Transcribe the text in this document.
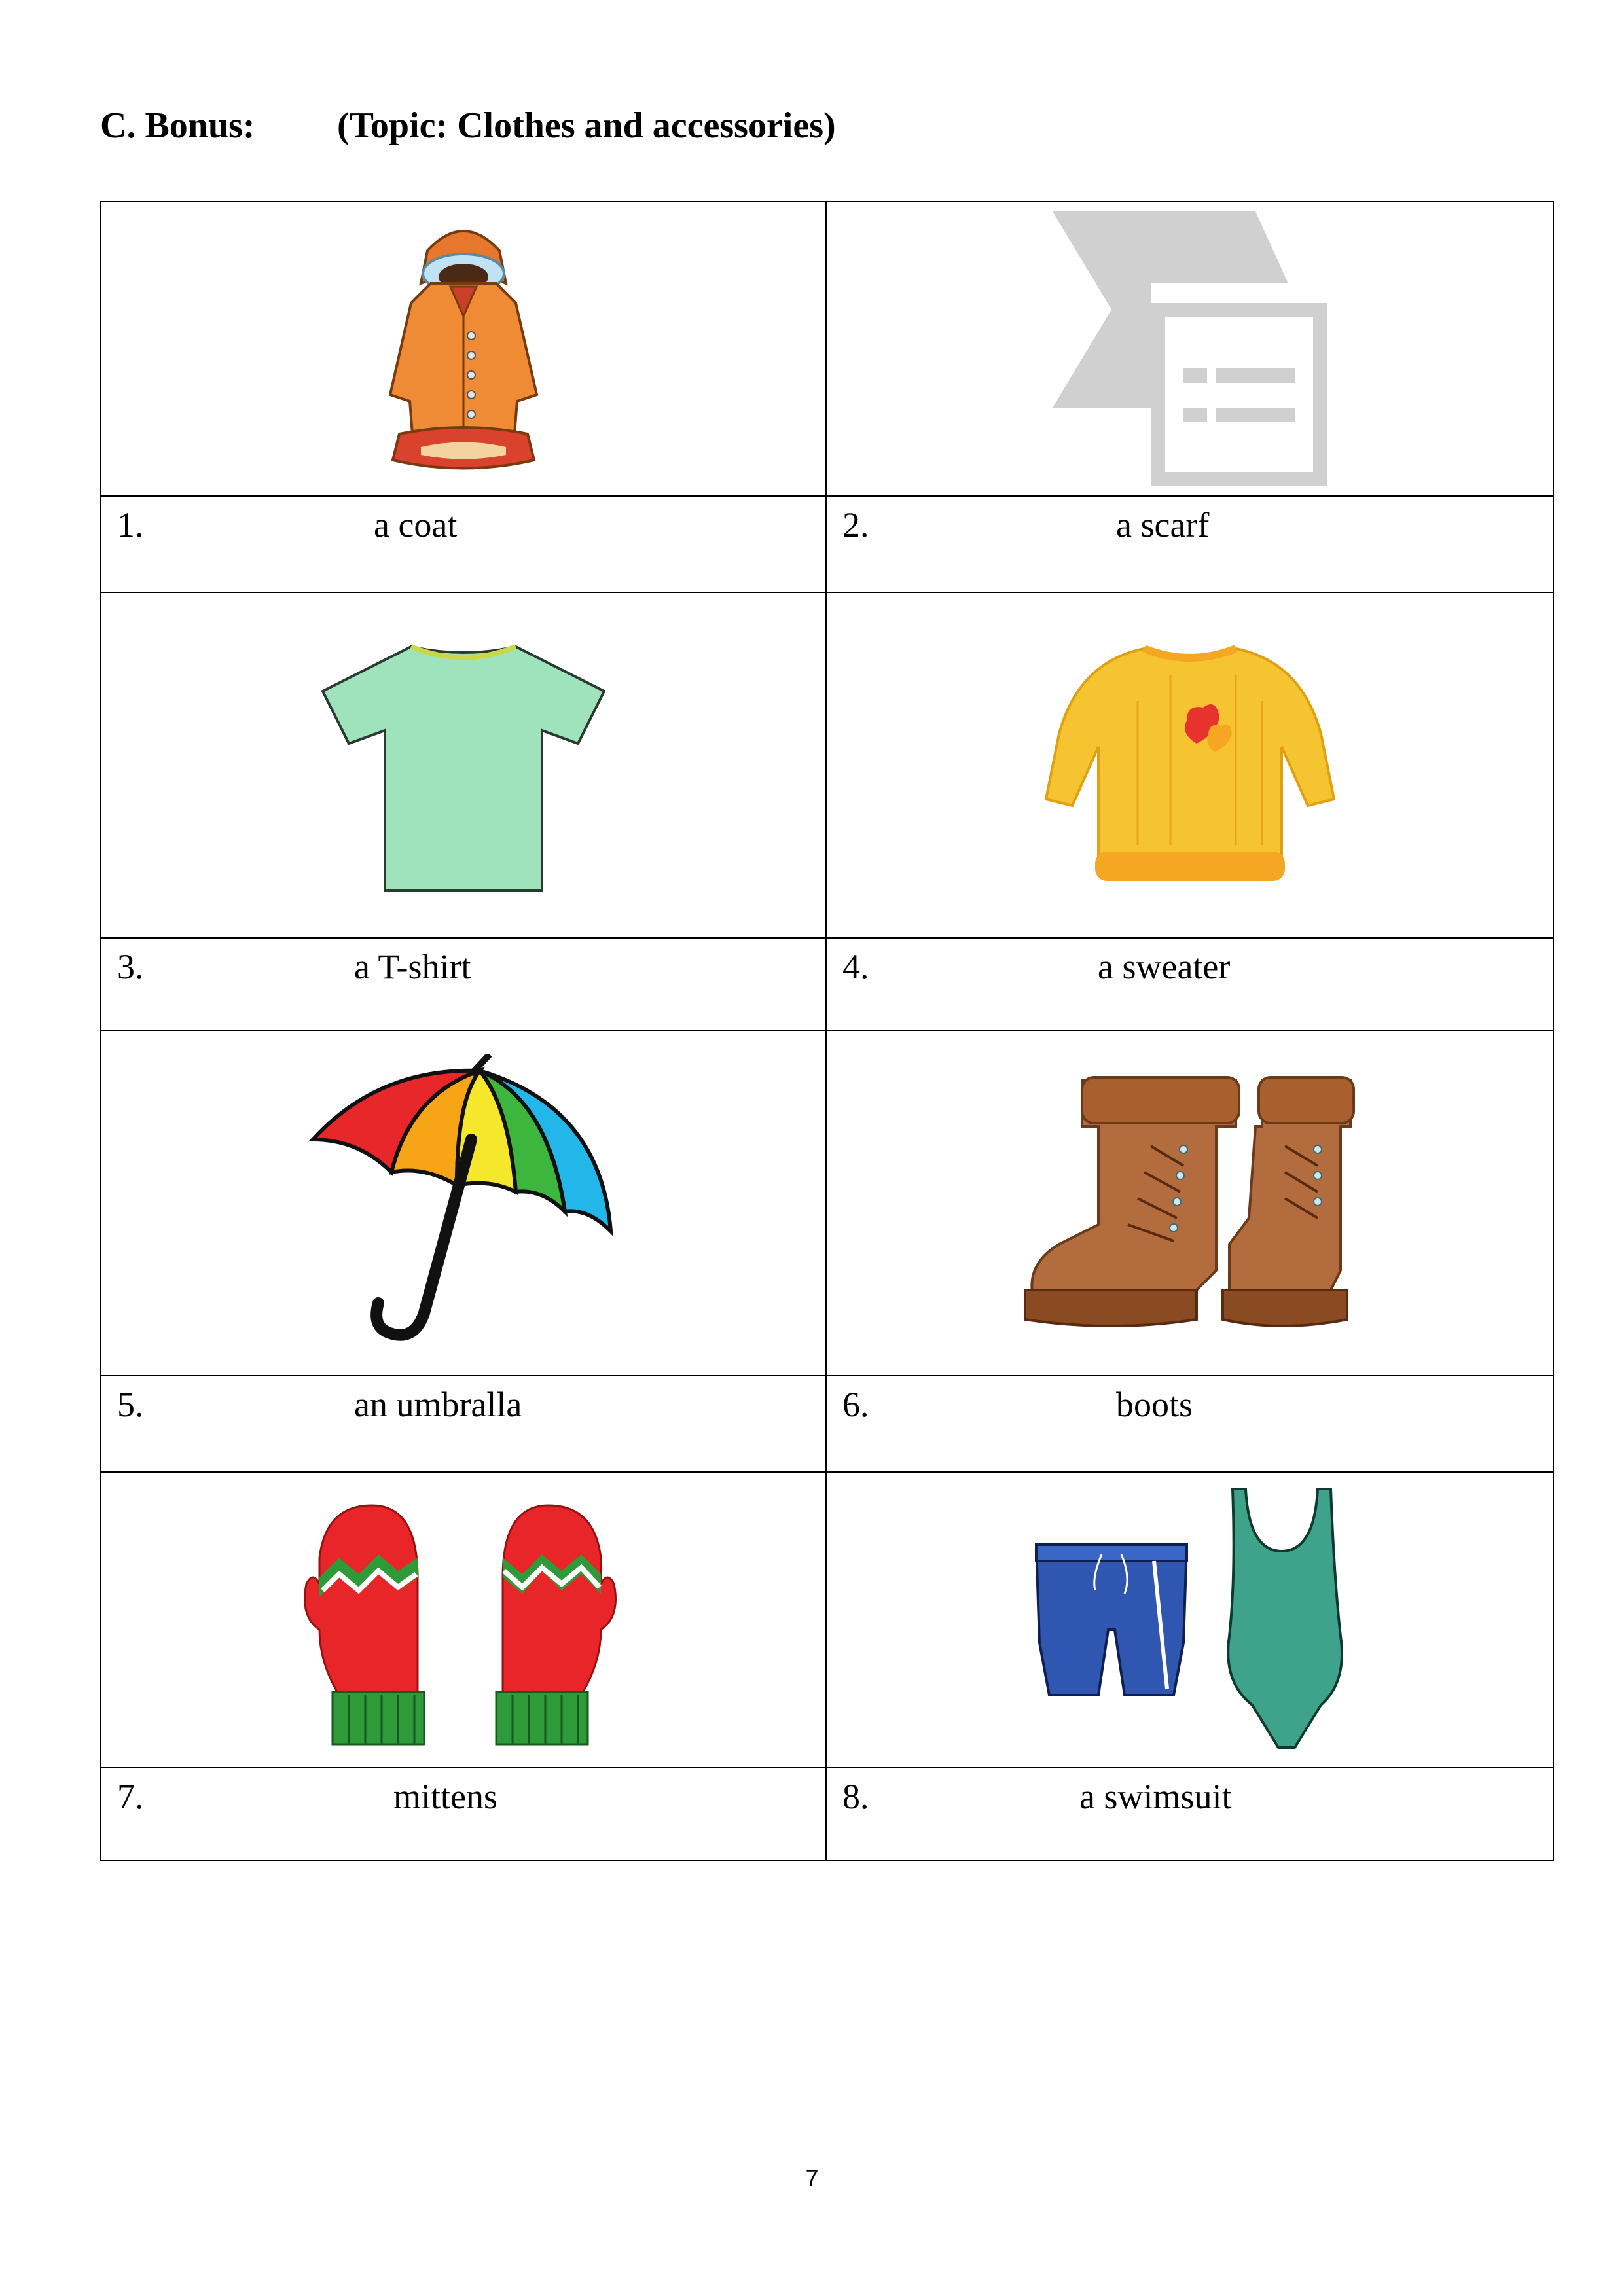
C. Bonus: (Topic: Clothes and accessories)

1. a coat	2. a scarf

3. a T-shirt	4. a sweater

5. an umbralla	6. boots

7. mittens	8. a swimsuit
7
